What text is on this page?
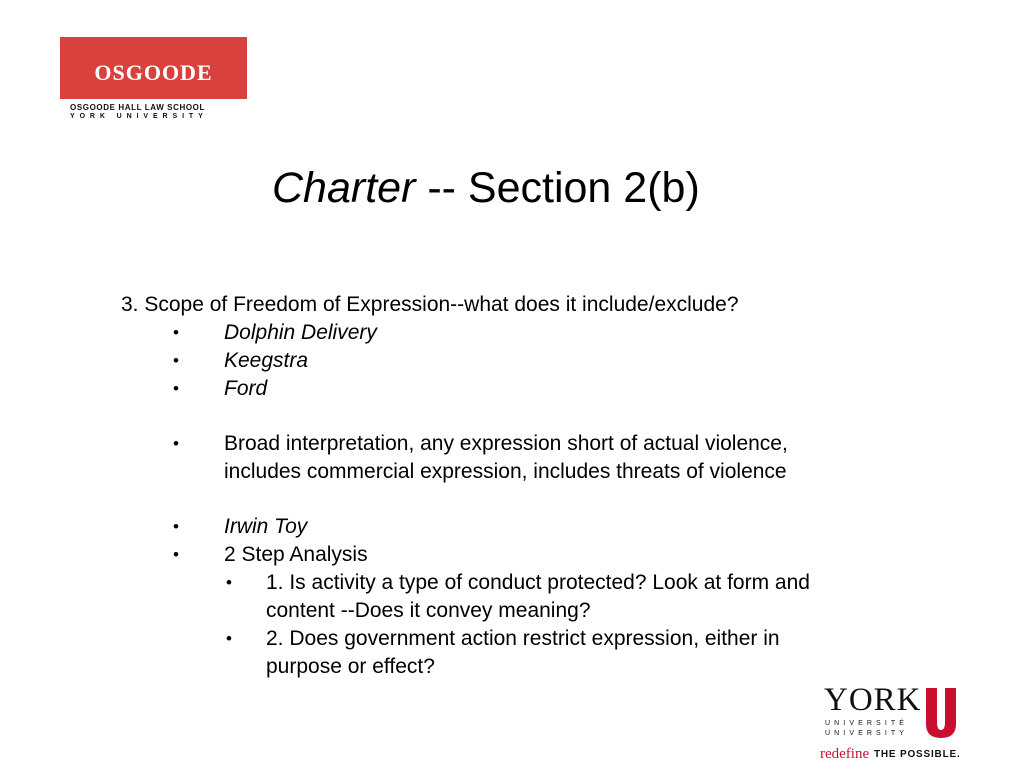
OSGOODE
OSGOODE HALL LAW SCHOOL
YORK UNIVERSITY
Charter -- Section 2(b)
3. Scope of Freedom of Expression--what does it include/exclude?
• Dolphin Delivery
• Keegstra
• Ford
• Broad interpretation, any expression short of actual violence,
includes commercial expression, includes threats of violence
• Irwin Toy
• 2 Step Analysis
• 1. Is activity a type of conduct protected? Look at form and
content --Does it convey meaning?
• 2. Does government action restrict expression, either in
purpose or effect?
YORK
UNIVERSITÉ
UNIVERSITY
redefine THE POSSIBLE.
